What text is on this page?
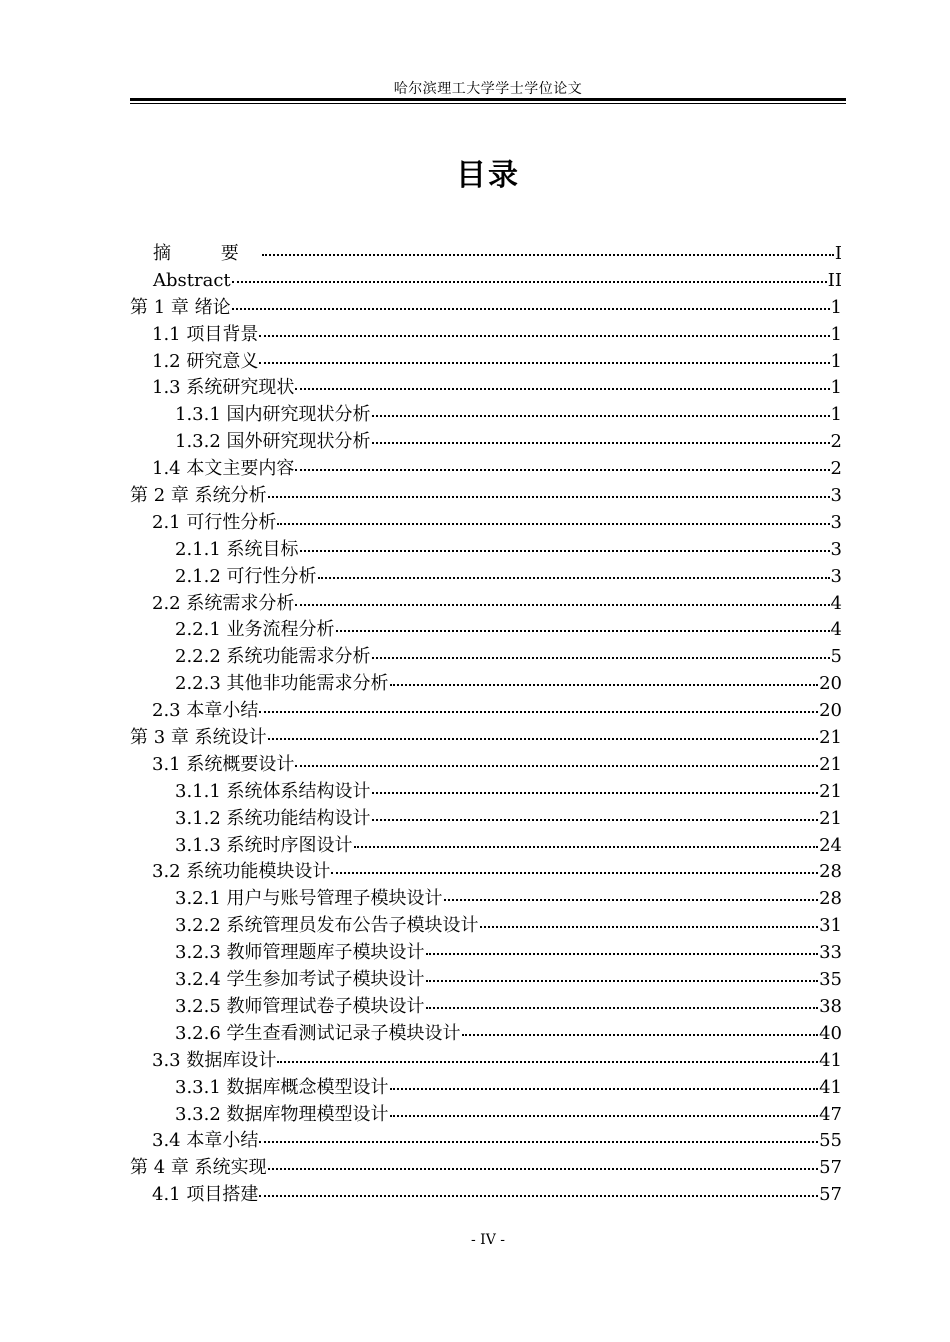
哈尔滨理工大学学士学位论文
目录
摘 要	I
Abstract	II
第 1 章 绪论	1
1.1 项目背景	1
1.2 研究意义	1
1.3 系统研究现状	1
1.3.1 国内研究现状分析	1
1.3.2 国外研究现状分析	2
1.4 本文主要内容	2
第 2 章 系统分析	3
2.1 可行性分析	3
2.1.1 系统目标	3
2.1.2 可行性分析	3
2.2 系统需求分析	4
2.2.1 业务流程分析	4
2.2.2 系统功能需求分析	5
2.2.3 其他非功能需求分析	20
2.3 本章小结	20
第 3 章 系统设计	21
3.1 系统概要设计	21
3.1.1 系统体系结构设计	21
3.1.2 系统功能结构设计	21
3.1.3 系统时序图设计	24
3.2 系统功能模块设计	28
3.2.1 用户与账号管理子模块设计	28
3.2.2 系统管理员发布公告子模块设计	31
3.2.3 教师管理题库子模块设计	33
3.2.4 学生参加考试子模块设计	35
3.2.5 教师管理试卷子模块设计	38
3.2.6 学生查看测试记录子模块设计	40
3.3 数据库设计	41
3.3.1 数据库概念模型设计	41
3.3.2 数据库物理模型设计	47
3.4 本章小结	55
第 4 章 系统实现	57
4.1 项目搭建	57
- IV -
